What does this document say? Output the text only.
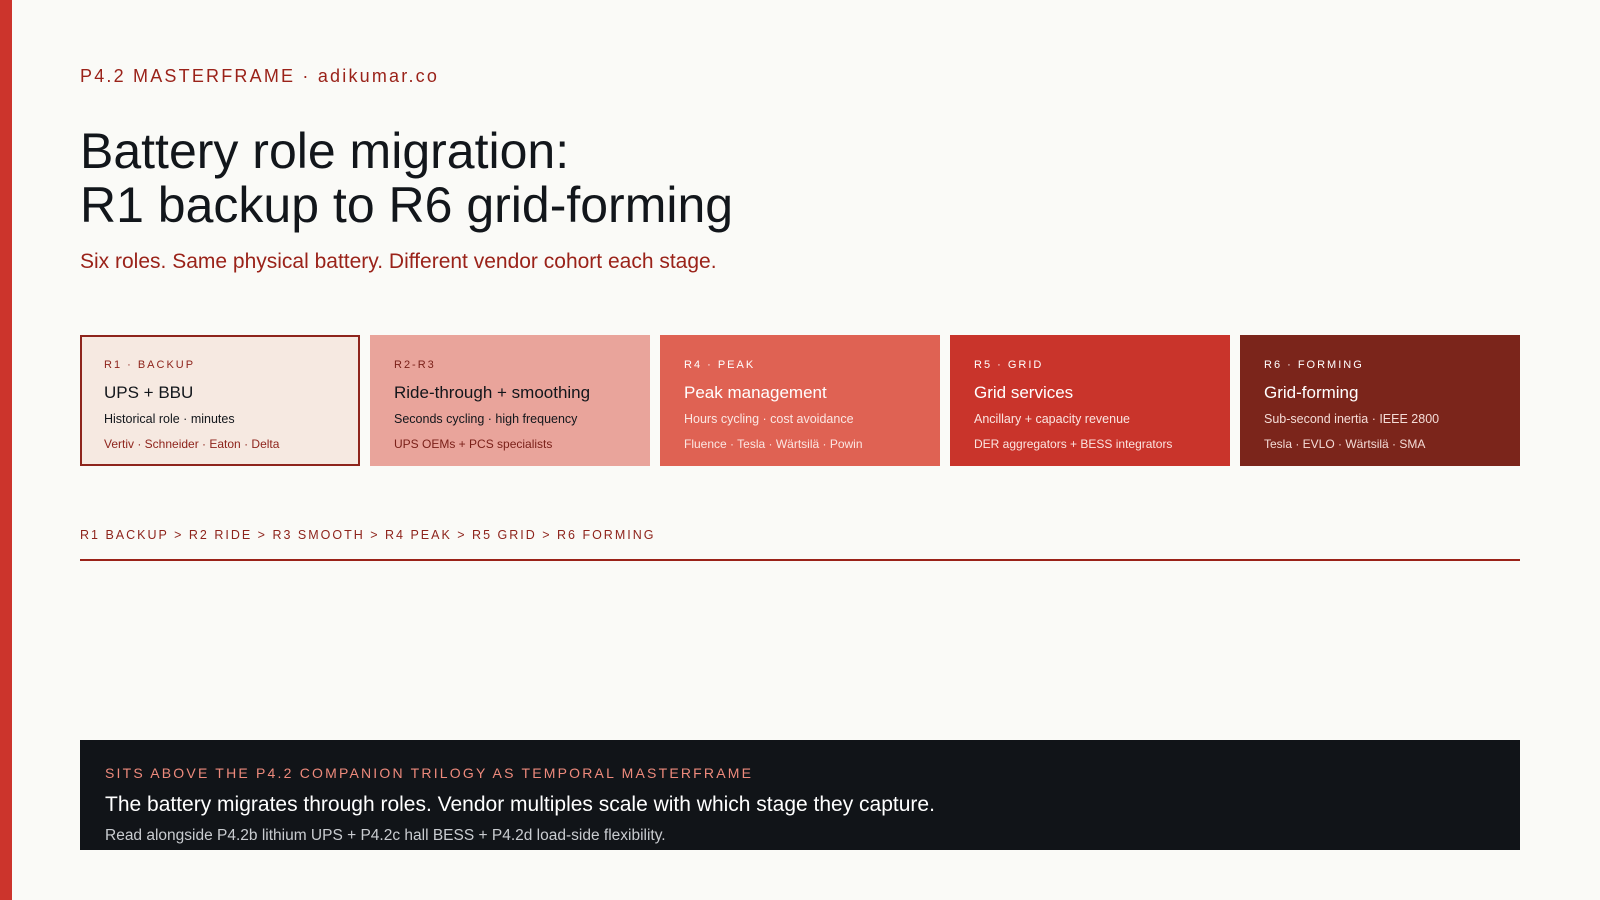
P4.2 MASTERFRAME · adikumar.co
Battery role migration:
R1 backup to R6 grid-forming
Six roles. Same physical battery. Different vendor cohort each stage.
R1 · BACKUP
UPS + BBU
Historical role · minutes
Vertiv · Schneider · Eaton · Delta
R2-R3
Ride-through + smoothing
Seconds cycling · high frequency
UPS OEMs + PCS specialists
R4 · PEAK
Peak management
Hours cycling · cost avoidance
Fluence · Tesla · Wärtsilä · Powin
R5 · GRID
Grid services
Ancillary + capacity revenue
DER aggregators + BESS integrators
R6 · FORMING
Grid-forming
Sub-second inertia · IEEE 2800
Tesla · EVLO · Wärtsilä · SMA
R1 BACKUP > R2 RIDE > R3 SMOOTH > R4 PEAK > R5 GRID > R6 FORMING
SITS ABOVE THE P4.2 COMPANION TRILOGY AS TEMPORAL MASTERFRAME
The battery migrates through roles. Vendor multiples scale with which stage they capture.
Read alongside P4.2b lithium UPS + P4.2c hall BESS + P4.2d load-side flexibility.
